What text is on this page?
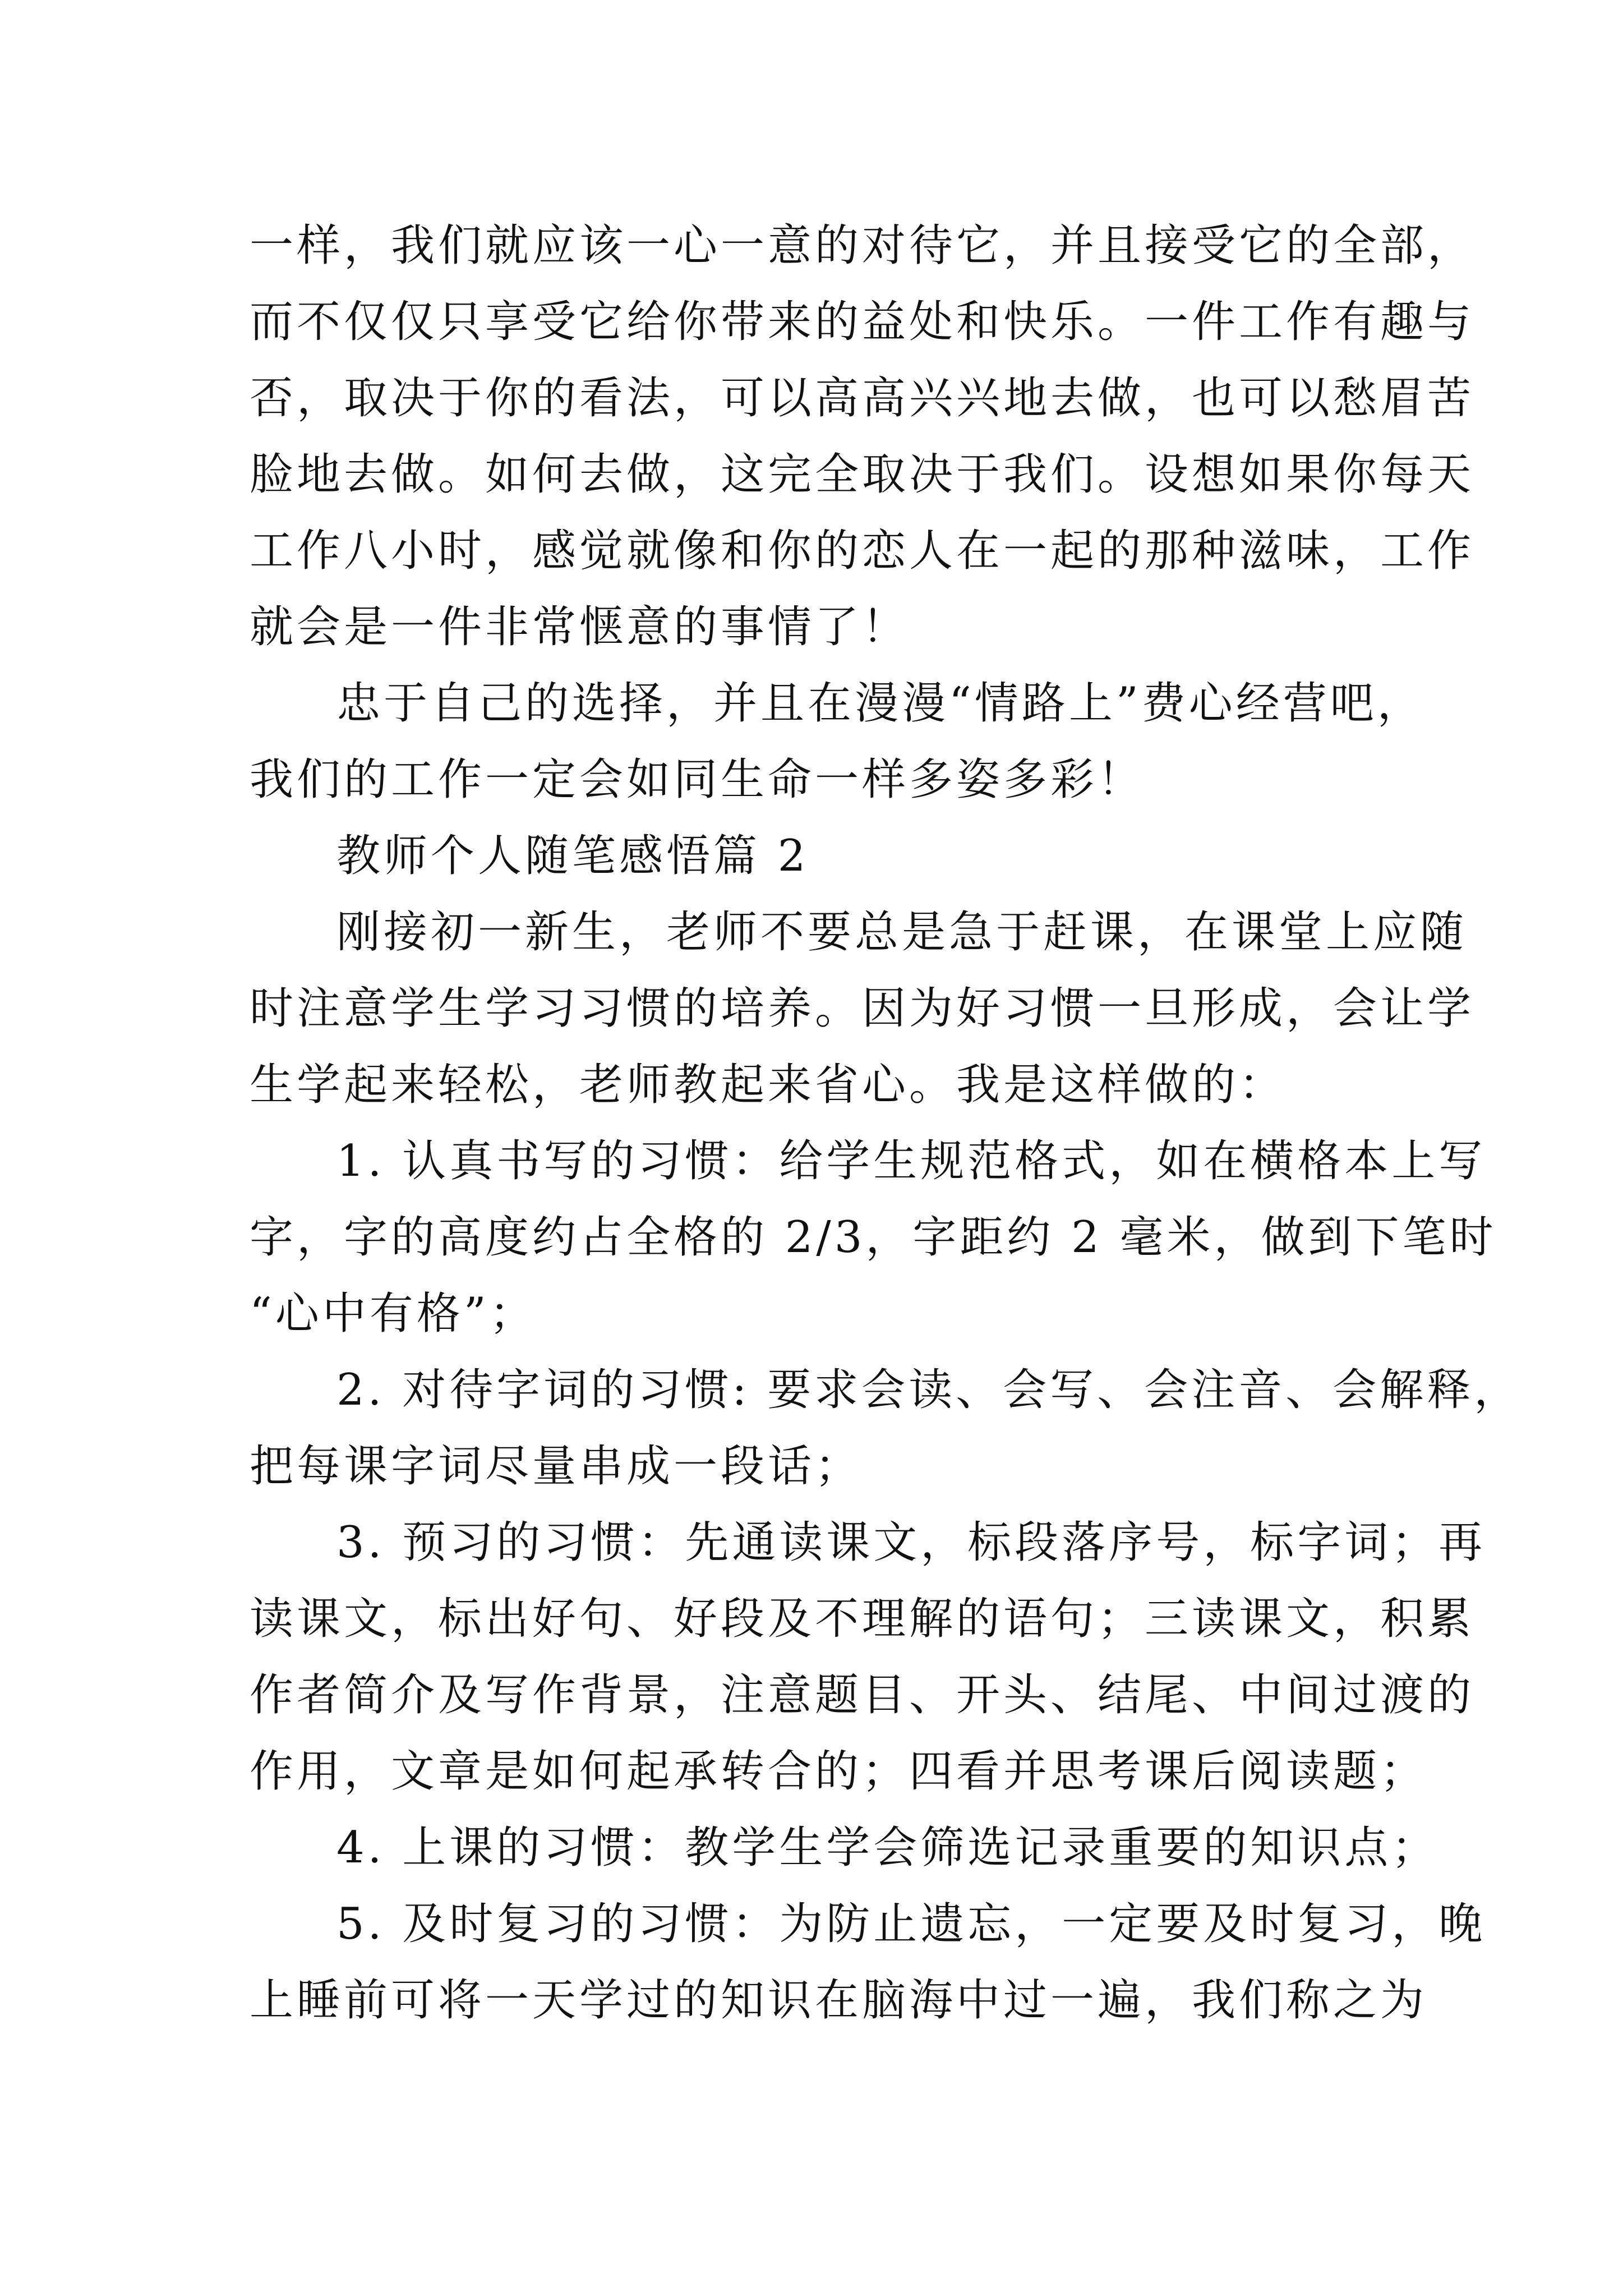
一样，我们就应该一心一意的对待它，并且接受它的全部，
而不仅仅只享受它给你带来的益处和快乐。一件工作有趣与
否，取决于你的看法，可以高高兴兴地去做，也可以愁眉苦
脸地去做。如何去做，这完全取决于我们。设想如果你每天
工作八小时，感觉就像和你的恋人在一起的那种滋味，工作
就会是一件非常惬意的事情了！
忠于自己的选择，并且在漫漫“情路上”费心经营吧，
我们的工作一定会如同生命一样多姿多彩！
教师个人随笔感悟篇 2
刚接初一新生，老师不要总是急于赶课，在课堂上应随
时注意学生学习习惯的培养。因为好习惯一旦形成，会让学
生学起来轻松，老师教起来省心。我是这样做的：
1. 认真书写的习惯：给学生规范格式，如在横格本上写
字，字的高度约占全格的 2/3，字距约 2 毫米，做到下笔时
“心中有格”；
2. 对待字词的习惯: 要求会读、会写、会注音、会解释，
把每课字词尽量串成一段话；
3. 预习的习惯：先通读课文，标段落序号，标字词；再
读课文，标出好句、好段及不理解的语句；三读课文，积累
作者简介及写作背景，注意题目、开头、结尾、中间过渡的
作用，文章是如何起承转合的；四看并思考课后阅读题；
4. 上课的习惯：教学生学会筛选记录重要的知识点；
5. 及时复习的习惯：为防止遗忘，一定要及时复习，晚
上睡前可将一天学过的知识在脑海中过一遍，我们称之为
